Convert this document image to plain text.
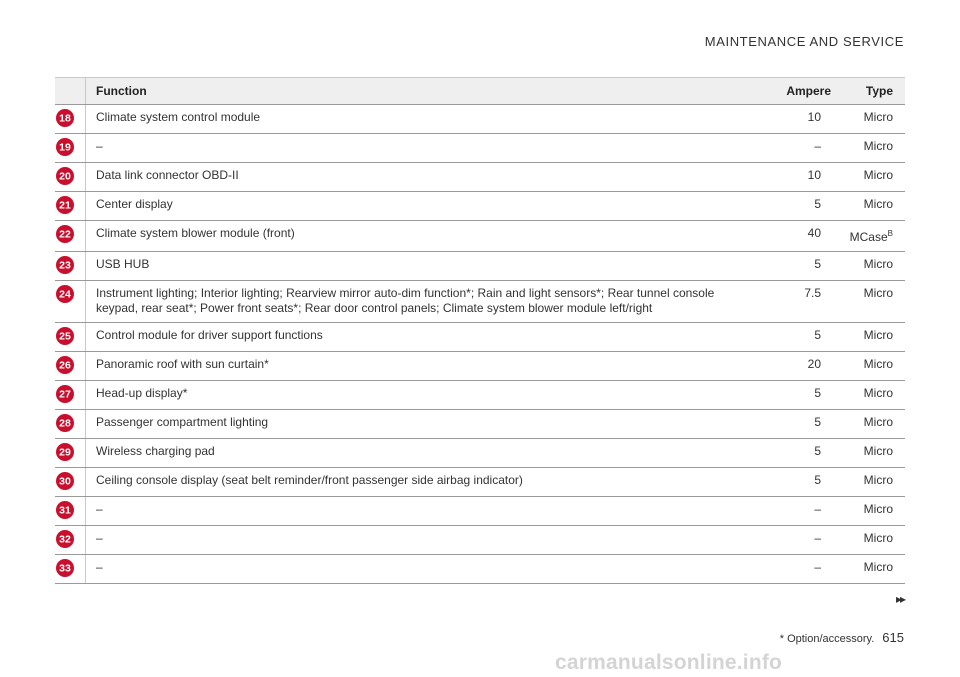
MAINTENANCE AND SERVICE
	Function	Ampere	Type

18	Climate system control module	10	Micro

19	–	–	Micro

20	Data link connector OBD-II	10	Micro

21	Center display	5	Micro

22	Climate system blower module (front)	40	MCase$^B$

23	USB HUB	5	Micro

24	Instrument lighting; Interior lighting; Rearview mirror auto-dim function*; Rain and light sensors*; Rear tunnel console keypad, rear seat*; Power front seats*; Rear door control panels; Climate system blower module left/right	7.5	Micro

25	Control module for driver support functions	5	Micro

26	Panoramic roof with sun curtain*	20	Micro

27	Head-up display*	5	Micro

28	Passenger compartment lighting	5	Micro

29	Wireless charging pad	5	Micro

30	Ceiling console display (seat belt reminder/front passenger side airbag indicator)	5	Micro

31	–	–	Micro

32	–	–	Micro

33	–	–	Micro
▸▸
* Option/accessory. 615
carmanualsonline.info
